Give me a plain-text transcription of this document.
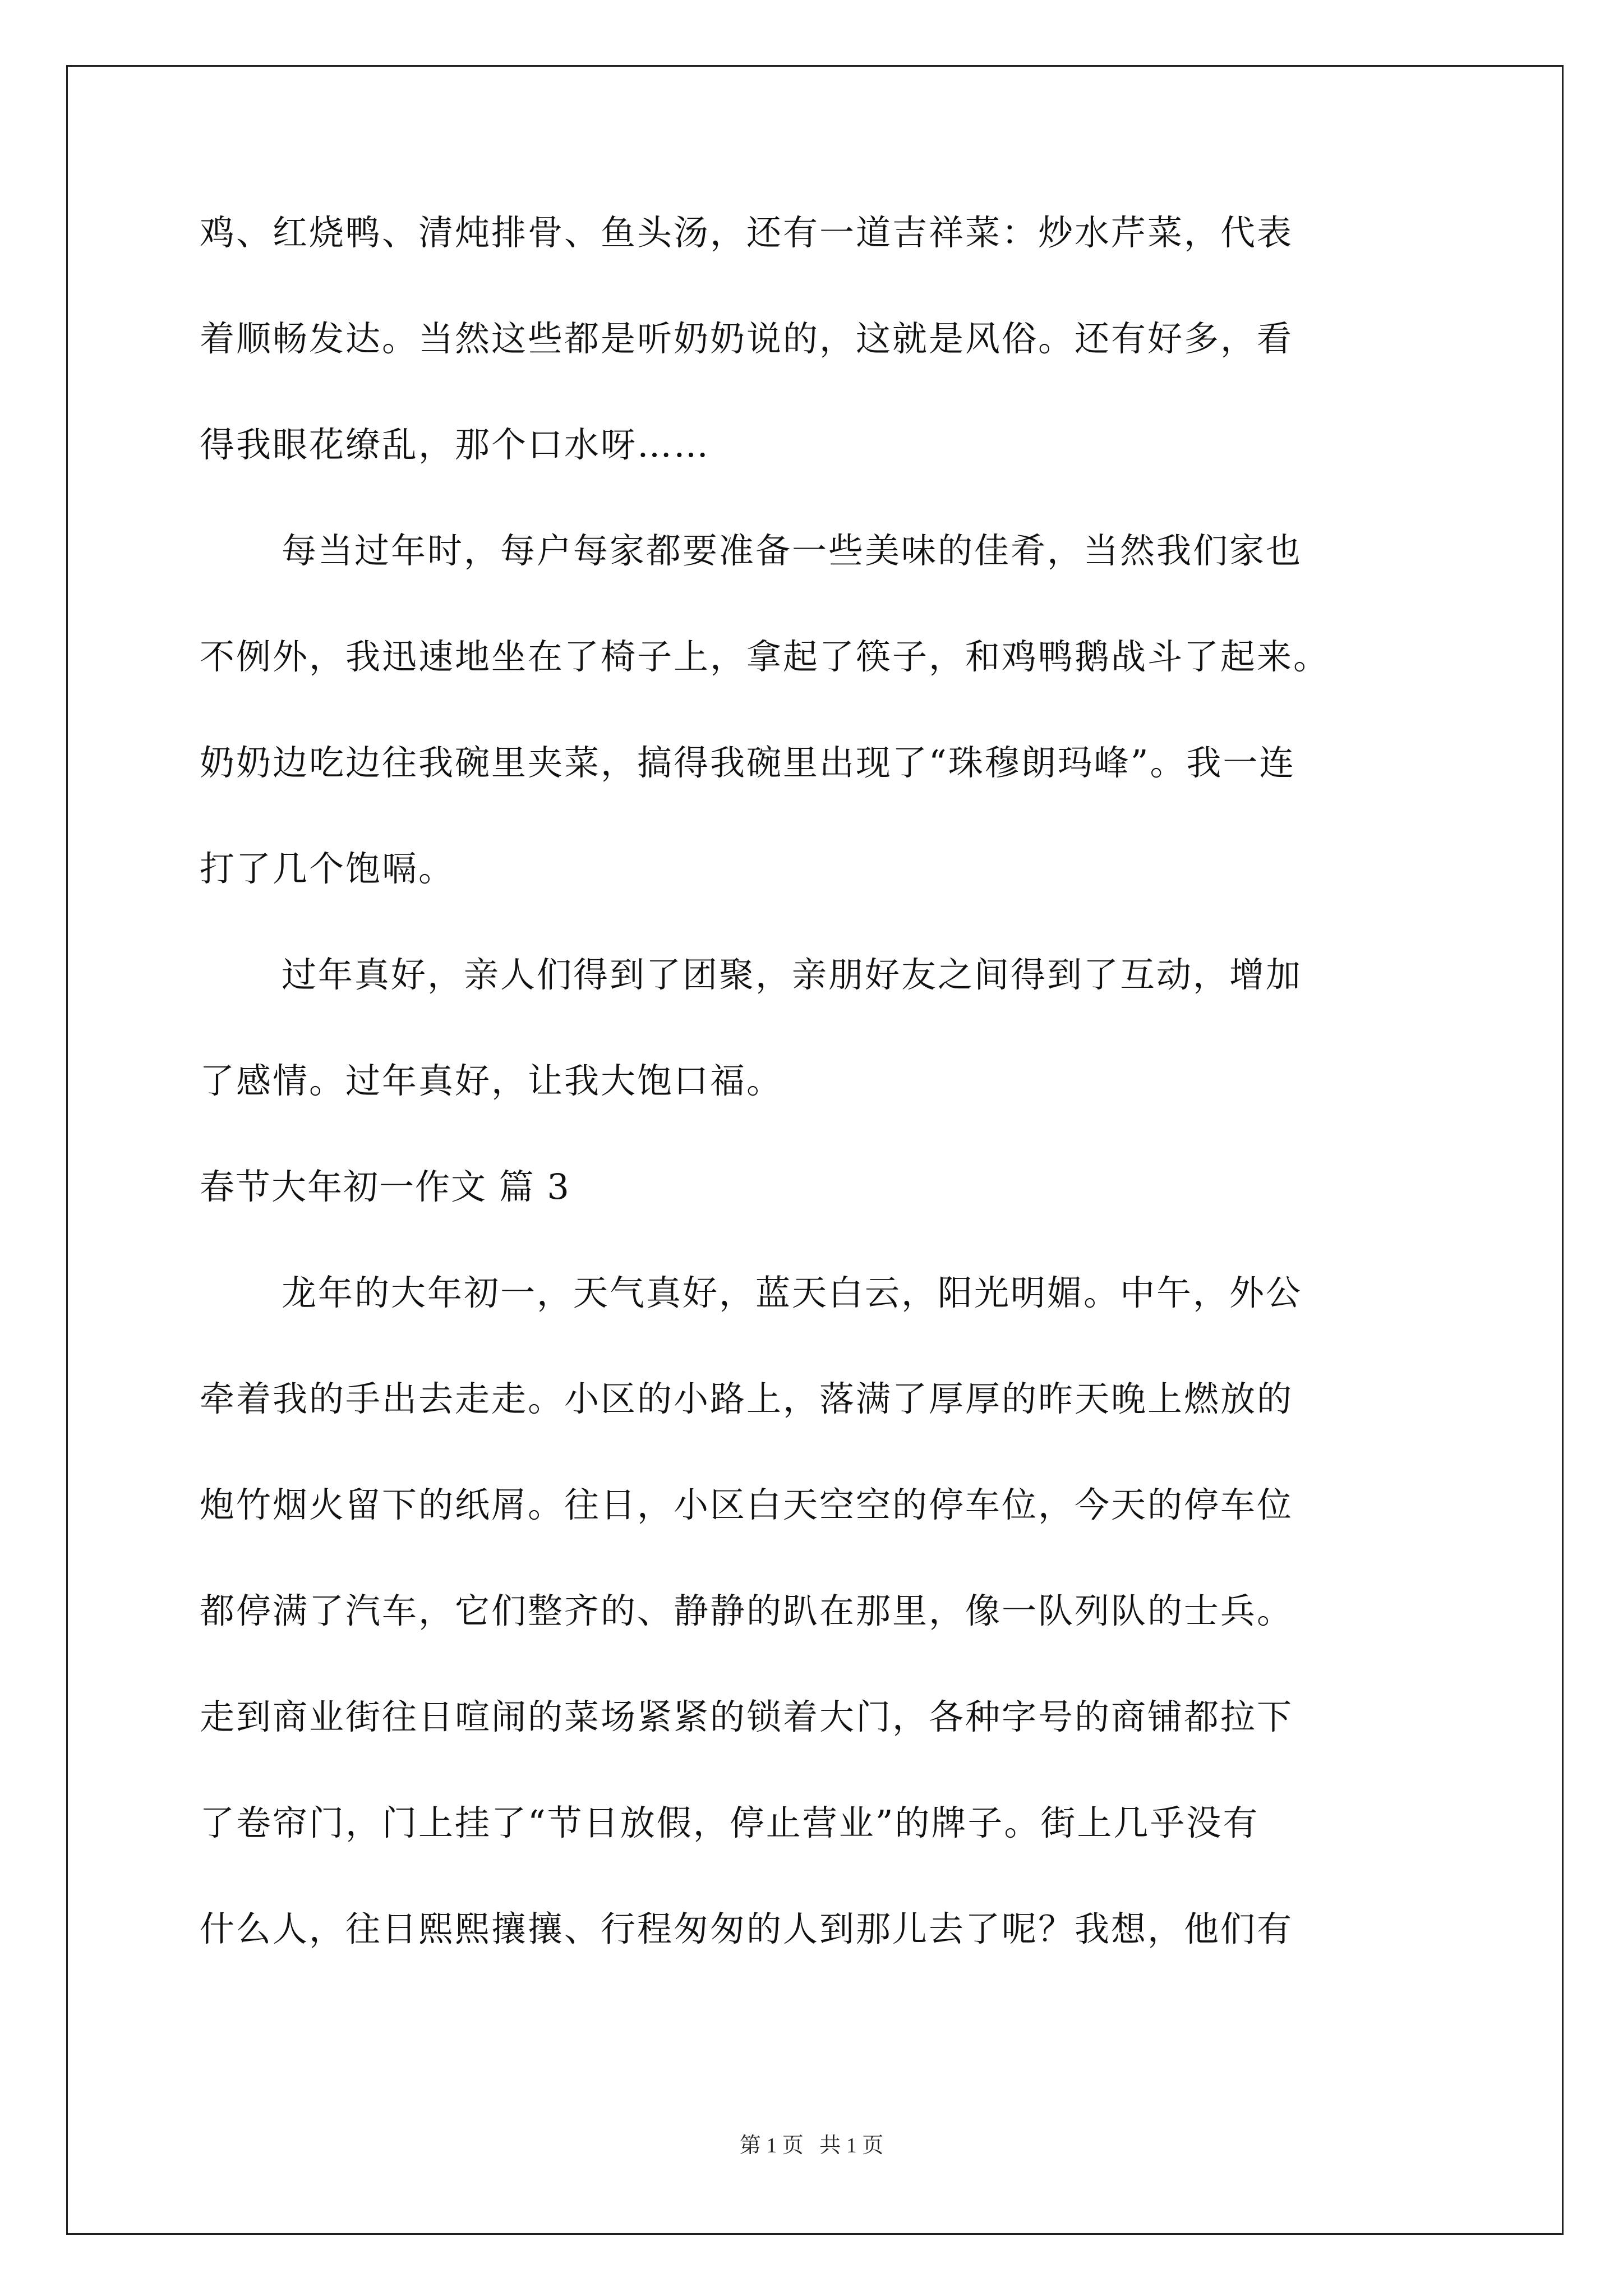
鸡、红烧鸭、清炖排骨、鱼头汤，还有一道吉祥菜：炒水芹菜，代表
着顺畅发达。当然这些都是听奶奶说的，这就是风俗。还有好多，看
得我眼花缭乱，那个口水呀……
每当过年时，每户每家都要准备一些美味的佳肴，当然我们家也
不例外，我迅速地坐在了椅子上，拿起了筷子，和鸡鸭鹅战斗了起来。
奶奶边吃边往我碗里夹菜，搞得我碗里出现了“珠穆朗玛峰”。我一连
打了几个饱嗝。
过年真好，亲人们得到了团聚，亲朋好友之间得到了互动，增加
了感情。过年真好，让我大饱口福。
春节大年初一作文 篇 3
龙年的大年初一，天气真好，蓝天白云，阳光明媚。中午，外公
牵着我的手出去走走。小区的小路上，落满了厚厚的昨天晚上燃放的
炮竹烟火留下的纸屑。往日，小区白天空空的停车位，今天的停车位
都停满了汽车，它们整齐的、静静的趴在那里，像一队列队的士兵。
走到商业街往日喧闹的菜场紧紧的锁着大门，各种字号的商铺都拉下
了卷帘门，门上挂了“节日放假，停止营业”的牌子。街上几乎没有
什么人，往日熙熙攘攘、行程匆匆的人到那儿去了呢？我想，他们有
第 1 页   共 1 页
